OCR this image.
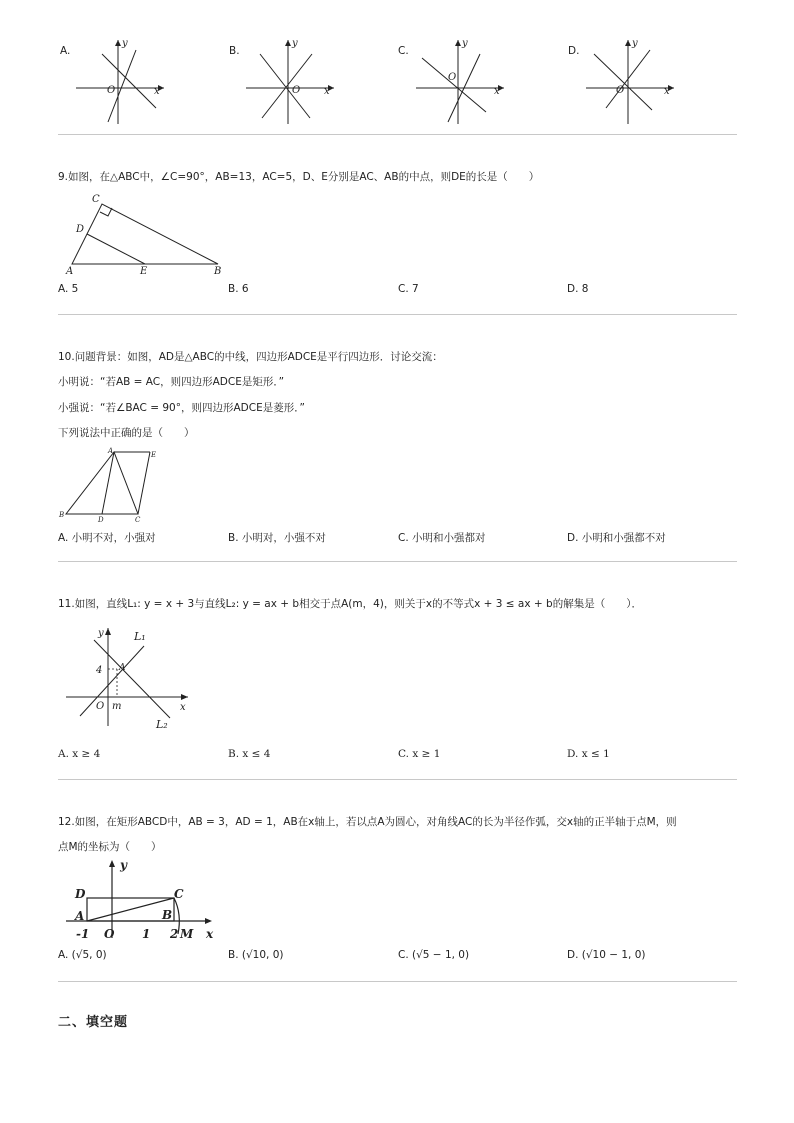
A.
y
O	x
B.
y
O x
C.
y
O
x
D.
y
O	x
9.如图，在△ABC中，∠C=90°，AB=13，AC=5，D、E分别是AC、AB的中点，则DE的长是（　　）
C
D
A	E	B
A. 5	B. 6	C. 7	D. 8
10.问题背景：如图，AD是△ABC的中线，四边形ADCE是平行四边形．讨论交流：
小明说：“若AB = AC，则四边形ADCE是矩形．”
小强说：“若∠BAC = 90°，则四边形ADCE是菱形．”
下列说法中正确的是（　　）
A	E
B
D	C
A. 小明不对，小强对	B. 小明对，小强不对	C. 小明和小强都对	D. 小明和小强都不对
11.如图，直线L₁: y = x + 3与直线L₂: y = ax + b相交于点A(m，4)，则关于x的不等式x + 3 ≤ ax + b的解集是（　　）．
y	L₁
4 A
O m	x
L₂
A. x ≥ 4	B. x ≤ 4	C. x ≥ 1	D. x ≤ 1
12.如图，在矩形ABCD中，AB = 3，AD = 1，AB在x轴上，若以点A为圆心，对角线AC的长为半径作弧，交x轴的正半轴于点M，则
点M的坐标为（　　）
D	C
A	B
y
-1 O 1 2 M x
A. (√5, 0)	B. (√10, 0)	C. (√5 − 1, 0)	D. (√10 − 1, 0)
二、填空题
